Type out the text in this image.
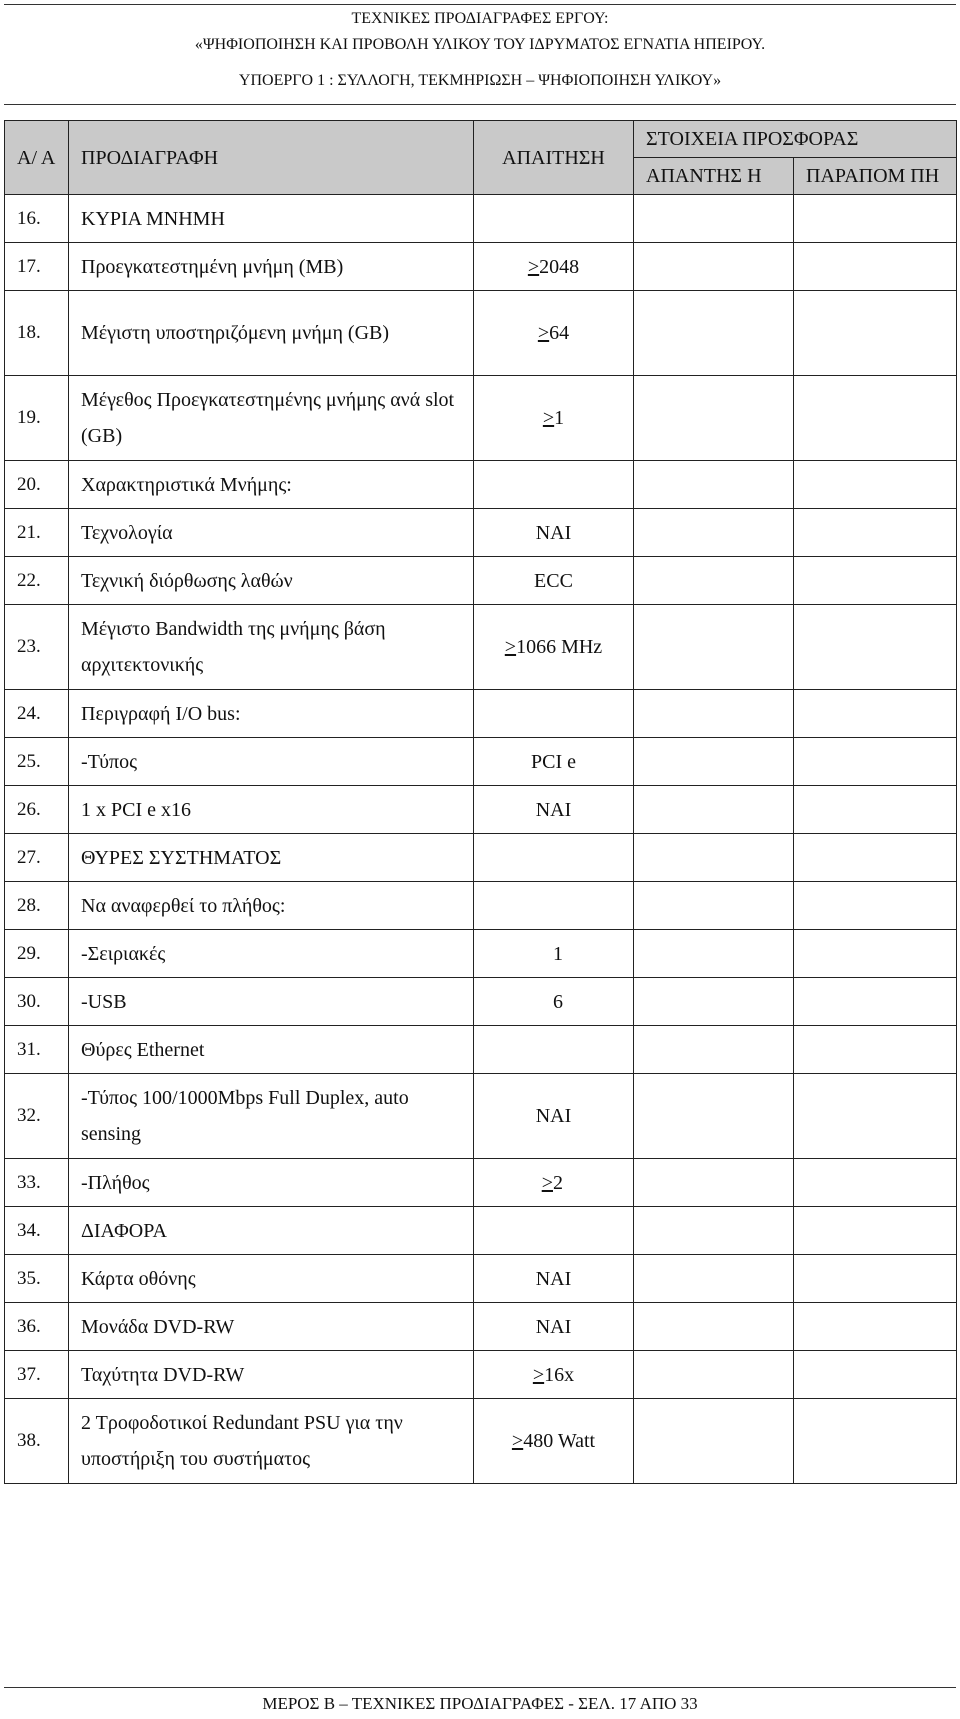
ΤΕΧΝΙΚΕΣ ΠΡΟΔΙΑΓΡΑΦΕΣ ΕΡΓΟΥ:
«ΨΗΦΙΟΠΟΙΗΣΗ ΚΑΙ ΠΡΟΒΟΛΗ ΥΛΙΚΟΥ ΤΟΥ ΙΔΡΥΜΑΤΟΣ ΕΓΝΑΤΙΑ ΗΠΕΙΡΟΥ.
ΥΠΟΕΡΓΟ 1 : ΣΥΛΛΟΓΗ, ΤΕΚΜΗΡΙΩΣΗ – ΨΗΦΙΟΠΟΙΗΣΗ ΥΛΙΚΟΥ»
Α/ Α	ΠΡΟΔΙΑΓΡΑΦΗ	ΑΠΑΙΤΗΣΗ	ΣΤΟΙΧΕΙΑ ΠΡΟΣΦΟΡΑΣ	
			ΑΠΑΝΤΗΣ Η	ΠΑΡΑΠΟΜ ΠΗ
16.	ΚΥΡΙΑ ΜΝΗΜΗ			
17.	Προεγκατεστημένη μνήμη (MB)	≥2048		
18.	Μέγιστη υποστηριζόμενη μνήμη (GB)	≥64		
19.	Μέγεθος Προεγκατεστημένης μνήμης ανά slot (GB)	≥1		
20.	Χαρακτηριστικά Μνήμης:			
21.	Τεχνολογία	ΝΑΙ		
22.	Τεχνική διόρθωσης λαθών	ECC		
23.	Μέγιστο Bandwidth της μνήμης βάση αρχιτεκτονικής	≥1066 MHz		
24.	Περιγραφή I/O bus:			
25.	-Τύπος	PCI e		
26.	1 x PCI e x16	ΝΑΙ		
27.	ΘΥΡΕΣ ΣΥΣΤΗΜΑΤΟΣ			
28.	Να αναφερθεί το πλήθος:			
29.	-Σειριακές	1		
30.	-USB	6		
31.	Θύρες Ethernet			
32.	-Τύπος 100/1000Mbps Full Duplex, auto sensing	ΝΑΙ		
33.	-Πλήθος	≥2		
34.	ΔΙΑΦΟΡΑ			
35.	Κάρτα οθόνης	ΝΑΙ		
36.	Μονάδα DVD-RW	ΝΑΙ		
37.	Ταχύτητα DVD-RW	≥16x		
38.	2 Τροφοδοτικοί Redundant PSU για την υποστήριξη του συστήματος	≥480 Watt		
ΜΕΡΟΣ Β – ΤΕΧΝΙΚΕΣ ΠΡΟΔΙΑΓΡΑΦΕΣ - ΣΕΛ. 17 ΑΠΟ 33
